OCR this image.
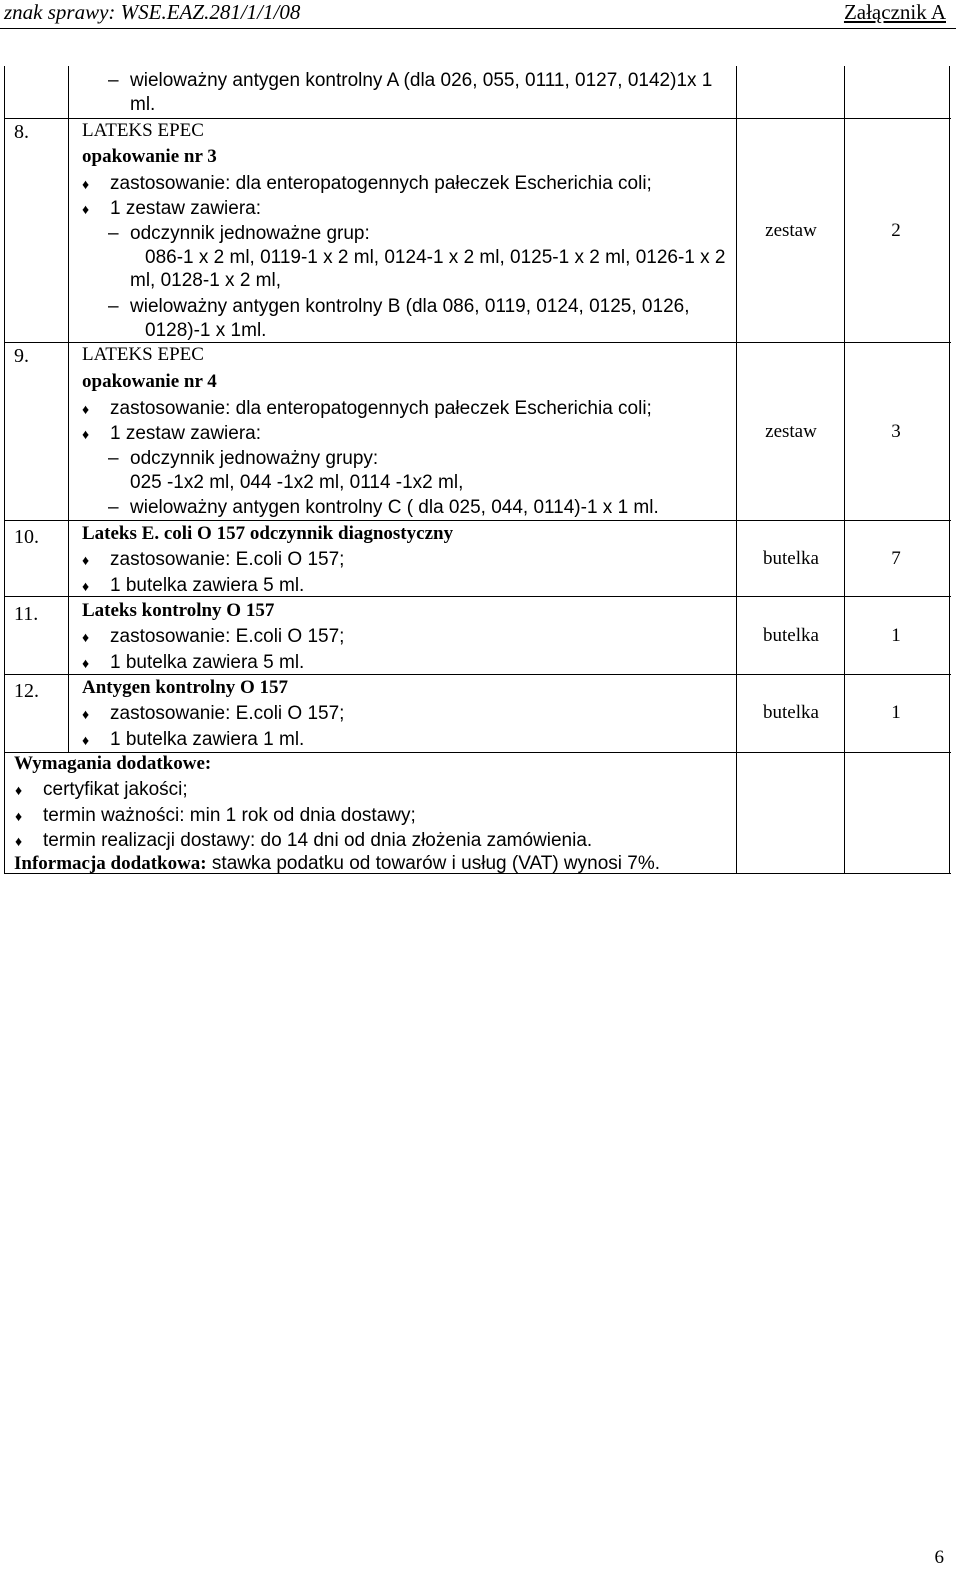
znak sprawy: WSE.EAZ.281/1/1/08	Załącznik A
– wieloważny antygen kontrolny A (dla 026, 055, 0111, 0127, 0142)1x 1
ml.
8.	LATEKS EPEC
opakowanie nr 3
♦ zastosowanie: dla enteropatogennych pałeczek Escherichia coli;
♦ 1 zestaw zawiera:
– odczynnik jednoważne grup:
086-1 x 2 ml, 0119-1 x 2 ml, 0124-1 x 2 ml, 0125-1 x 2 ml, 0126-1 x 2
ml, 0128-1 x 2 ml,
– wieloważny antygen kontrolny B (dla 086, 0119, 0124, 0125, 0126,
0128)-1 x 1ml.
zestaw	2
9.	LATEKS EPEC
opakowanie nr 4
♦ zastosowanie: dla enteropatogennych pałeczek Escherichia coli;
♦ 1 zestaw zawiera:
– odczynnik jednoważny grupy:
025 -1x2 ml, 044 -1x2 ml, 0114 -1x2 ml,
– wieloważny antygen kontrolny C ( dla 025, 044, 0114)-1 x 1 ml.
zestaw	3
10. Lateks E. coli O 157 odczynnik diagnostyczny
♦ zastosowanie: E.coli O 157;
♦ 1 butelka zawiera 5 ml.
butelka	7
11. Lateks kontrolny O 157
♦ zastosowanie: E.coli O 157;
♦ 1 butelka zawiera 5 ml.
butelka	1
12. Antygen kontrolny O 157
♦ zastosowanie: E.coli O 157;
♦ 1 butelka zawiera 1 ml.
butelka	1
Wymagania dodatkowe:
♦ certyfikat jakości;
♦ termin ważności: min 1 rok od dnia dostawy;
♦ termin realizacji dostawy: do 14 dni od dnia złożenia zamówienia.
Informacja dodatkowa: stawka podatku od towarów i usług (VAT) wynosi 7%.
6
